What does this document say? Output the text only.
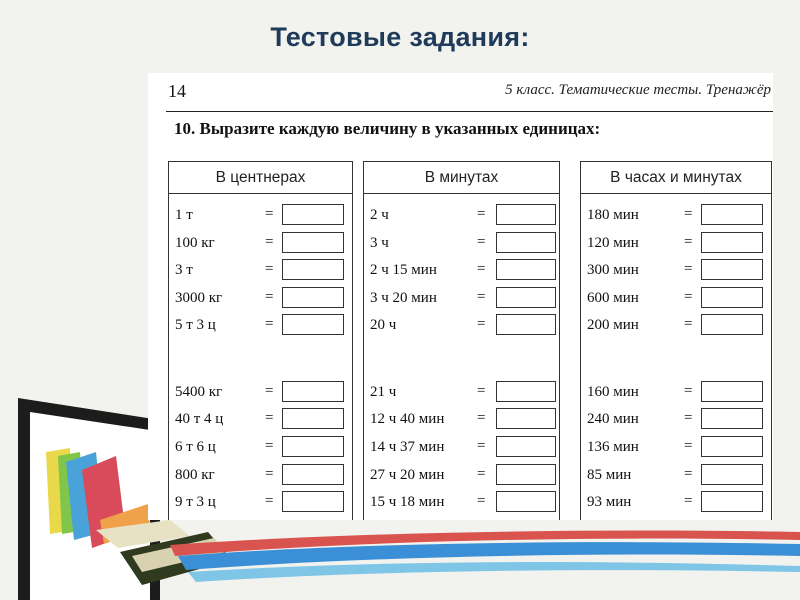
Тестовые задания:
14	5 класс. Тематические тесты. Тренажёр
10. Выразите каждую величину в указанных единицах:
В центнерах
1 т	=
100 кг	=
3 т	=
3000 кг	=
5 т 3 ц	=
5400 кг	=
40 т 4 ц	=
6 т 6 ц	=
800 кг	=
9 т 3 ц	=
В минутах
2 ч	=
3 ч	=
2 ч 15 мин	=
3 ч 20 мин	=
20 ч	=
21 ч	=
12 ч 40 мин =
14 ч 37 мин =
27 ч 20 мин =
15 ч 18 мин =
В часах и минутах
180 мин	=
120 мин	=
300 мин	=
600 мин	=
200 мин	=
160 мин	=
240 мин	=
136 мин	=
85 мин	=
93 мин	=
